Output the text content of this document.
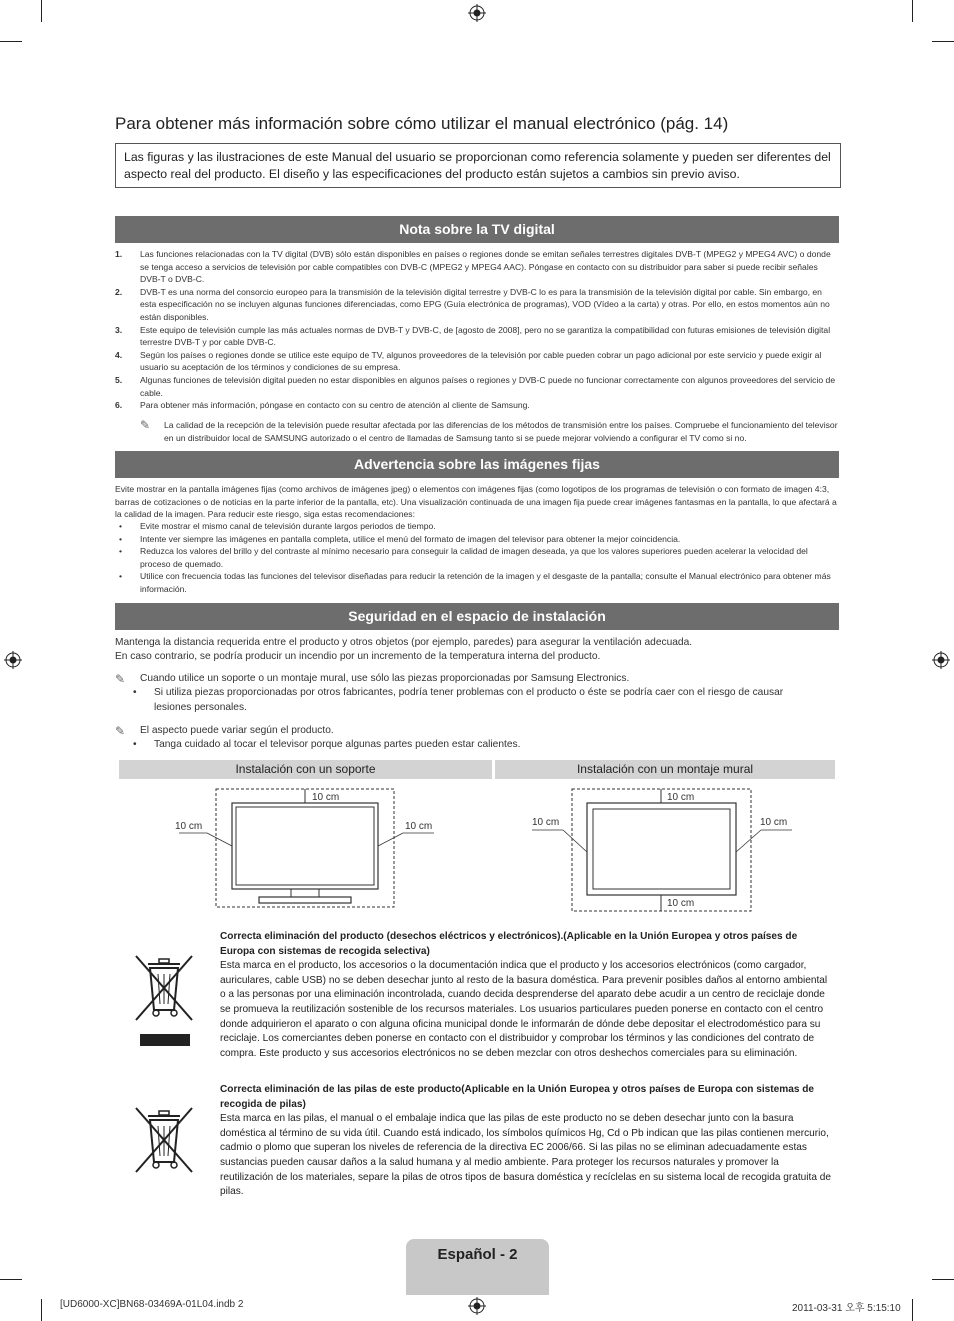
Para obtener más información sobre cómo utilizar el manual electrónico (pág. 14)
Las figuras y las ilustraciones de este Manual del usuario se proporcionan como referencia solamente y pueden ser diferentes del aspecto real del producto. El diseño y las especificaciones del producto están sujetos a cambios sin previo aviso.
Nota sobre la TV digital
1. Las funciones relacionadas con la TV digital (DVB) sólo están disponibles en países o regiones donde se emitan señales terrestres digitales DVB-T (MPEG2 y MPEG4 AVC) o donde se tenga acceso a servicios de televisión por cable compatibles con DVB-C (MPEG2 y MPEG4 AAC). Póngase en contacto con su distribuidor para saber si puede recibir señales DVB-T o DVB-C.
2. DVB-T es una norma del consorcio europeo para la transmisión de la televisión digital terrestre y DVB-C lo es para la transmisión de la televisión digital por cable. Sin embargo, en esta especificación no se incluyen algunas funciones diferenciadas, como EPG (Guía electrónica de programas), VOD (Vídeo a la carta) y otras. Por ello, en estos momentos aún no están disponibles.
3. Este equipo de televisión cumple las más actuales normas de DVB-T y DVB-C, de [agosto de 2008], pero no se garantiza la compatibilidad con futuras emisiones de televisión digital terrestre DVB-T y por cable DVB-C.
4. Según los países o regiones donde se utilice este equipo de TV, algunos proveedores de la televisión por cable pueden cobrar un pago adicional por este servicio y puede exigir al usuario su aceptación de los términos y condiciones de su empresa.
5. Algunas funciones de televisión digital pueden no estar disponibles en algunos países o regiones y DVB-C puede no funcionar correctamente con algunos proveedores del servicio de cable.
6. Para obtener más información, póngase en contacto con su centro de atención al cliente de Samsung.
✎	La calidad de la recepción de la televisión puede resultar afectada por las diferencias de los métodos de transmisión entre los países. Compruebe el funcionamiento del televisor en un distribuidor local de SAMSUNG autorizado o el centro de llamadas de Samsung tanto si se puede mejorar volviendo a configurar el TV como si no.
Advertencia sobre las imágenes fijas
Evite mostrar en la pantalla imágenes fijas (como archivos de imágenes jpeg) o elementos con imágenes fijas (como logotipos de los programas de televisión o con formato de imagen 4:3, barras de cotizaciones o de noticias en la parte inferior de la pantalla, etc). Una visualización continuada de una imagen fija puede crear imágenes fantasmas en la pantalla, lo que afectará a la calidad de la imagen. Para reducir este riesgo, siga estas recomendaciones:
• Evite mostrar el mismo canal de televisión durante largos periodos de tiempo.
• Intente ver siempre las imágenes en pantalla completa, utilice el menú del formato de imagen del televisor para obtener la mejor coincidencia.
• Reduzca los valores del brillo y del contraste al mínimo necesario para conseguir la calidad de imagen deseada, ya que los valores superiores pueden acelerar la velocidad del proceso de quemado.
• Utilice con frecuencia todas las funciones del televisor diseñadas para reducir la retención de la imagen y el desgaste de la pantalla; consulte el Manual electrónico para obtener más información.
Seguridad en el espacio de instalación
Mantenga la distancia requerida entre el producto y otros objetos (por ejemplo, paredes) para asegurar la ventilación adecuada.
En caso contrario, se podría producir un incendio por un incremento de la temperatura interna del producto.
✎	Cuando utilice un soporte o un montaje mural, use sólo las piezas proporcionadas por Samsung Electronics.
• Si utiliza piezas proporcionadas por otros fabricantes, podría tener problemas con el producto o éste se podría caer con el riesgo de causar lesiones personales.
✎	El aspecto puede variar según el producto.
• Tanga cuidado al tocar el televisor porque algunas partes pueden estar calientes.
Instalación con un soporte	Instalación con un montaje mural
10 cm
10 cm	10 cm
10 cm
10 cm	10 cm
10 cm
Correcta eliminación del producto (desechos eléctricos y electrónicos).(Aplicable en la Unión Europea y otros países de Europa con sistemas de recogida selectiva)
Esta marca en el producto, los accesorios o la documentación indica que el producto y los accesorios electrónicos (como cargador, auriculares, cable USB) no se deben desechar junto al resto de la basura doméstica. Para prevenir posibles daños al entorno ambiental o a las personas por una eliminación incontrolada, cuando decida desprenderse del aparato debe acudir a un centro de reciclaje donde se promueva la reutilización sostenible de los recursos materiales. Los usuarios particulares pueden ponerse en contacto con el centro donde adquirieron el aparato o con alguna oficina municipal donde le informarán de dónde debe depositar el electrodoméstico para su reciclaje. Los comerciantes deben ponerse en contacto con el distribuidor y comprobar los términos y las condiciones del contrato de compra. Este producto y sus accesorios electrónicos no se deben mezclar con otros deshechos comerciales para su eliminación.
Correcta eliminación de las pilas de este producto(Aplicable en la Unión Europea y otros países de Europa con sistemas de recogida de pilas)
Esta marca en las pilas, el manual o el embalaje indica que las pilas de este producto no se deben desechar junto con la basura doméstica al término de su vida útil. Cuando está indicado, los símbolos químicos Hg, Cd o Pb indican que las pilas contienen mercurio, cadmio o plomo que superan los niveles de referencia de la directiva EC 2006/66. Si las pilas no se eliminan adecuadamente estas sustancias pueden causar daños a la salud humana y al medio ambiente. Para proteger los recursos naturales y promover la reutilización de los materiales, separe la pilas de otros tipos de basura doméstica y recíclelas en su sistema local de recogida gratuita de pilas.
Español - 2
[UD6000-XC]BN68-03469A-01L04.indb 2	2011-03-31 오후 5:15:10
